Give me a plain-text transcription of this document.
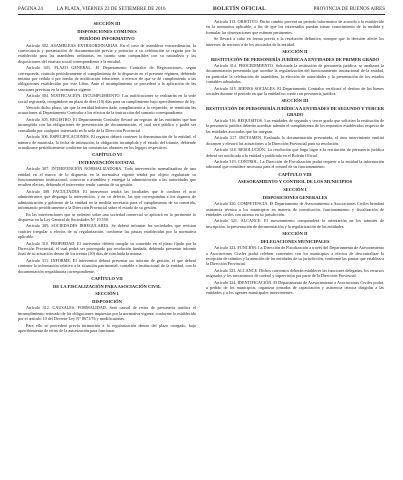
PÁGINA 24	LA PLATA, VIERNES 23 DE SETIEMBRE DE 2016	BOLETÍN OFICIAL	PROVINCIA DE BUENOS AIRES
SECCIÓN III
DISPOSICIONES COMUNES
PERÍODO INFORMATIVO
Artículo 302. ASAMBLEAS EXTRAORDINARIAS. En el caso de asambleas extraordinarias, la convocatoria y presentación de documentación previa y posterior a su celebración se regirán por lo establecido para las asambleas ordinarias, en cuanto sean compatibles con su naturaleza y las disposiciones del estatuto social correspondiente a la entidad.
Artículo 303. PLAZO GENERAL. El Departamento Contralor de Registraciones, según corresponda, controla periódicamente el cumplimiento de lo dispuesto en el presente régimen, debiendo intimar por cédula o por medio de notificación fehaciente, a efectos de que se dé cumplimiento a las obligaciones establecidas por este Libro. Ante el incumplimiento se procederá a la aplicación de las sanciones previstas en la normativa vigente.
Artículo 304. NOTIFICACIÓN. INCUMPLIMIENTO. Las notificaciones se realizarán en la sede social registrada, otorgándose un plazo de diez (10) días para su cumplimiento bajo apercibimiento de ley.
Vencido dicho plazo, sin que la entidad hubiera dado cumplimiento a lo requerido, se remitirán las actuaciones al Departamento Contralor a los efectos de la instrucción del sumario correspondiente.
Artículo 305. REGISTRO. El Departamento Contralor llevará un registro de las entidades que han incumplido con las obligaciones de presentación de documentación, el cual será público y podrá ser consultado por cualquier interesado en la sede de la Dirección Provincial.
Artículo 306. ESPECIFICACIONES. El registro deberá contener la denominación de la entidad, el número de matrícula, la fecha de intimación, la obligación incumplida y el estado del trámite, debiendo actualizarse periódicamente conforme las constancias obrantes en los legajos respectivos.
CAPÍTULO VI
INTERVENCIÓN ESTATAL
Artículo 307. INTERVENCIÓN NORMALIZADORA. Toda intervención normalizadora de una entidad en el marco de lo dispuesto en la normativa vigente tendrá por objeto regularizar su funcionamiento institucional, convocar a asamblea y entregar la administración a las autoridades que resulten electas, debiendo el interventor rendir cuentas de su gestión.
Artículo 308. FACULTADES. El interventor tendrá las facultades que le confiera el acto administrativo que disponga la intervención, y en su defecto, las que correspondan a los órganos de administración y gobierno de la entidad en la medida necesaria para el cumplimiento de su cometido, informando periódicamente a la Dirección Provincial sobre el estado de su gestión.
En las intervenciones que se ordenen sobre una sociedad comercial se aplicará en lo pertinente lo dispuesto en la Ley General de Sociedades N° 19.550.
Artículo 309. SOCIEDADES IRREGULARES. Se deberá informar las sociedades que revistan carácter irregular a efectos de su regularización, conforme las pautas establecidas por la normativa aplicable.
Artículo 310. PROPIEDAD. El interventor deberá cumplir su cometido en el plazo fijado por la Dirección Provincial, el cual podrá ser prorrogado por resolución fundada, debiendo presentar informe final de su actuación dentro de los treinta (30) días de concluida la misma.
Artículo 311. INFORME. El interventor deberá presentar un informe de gestión, el que deberá contener la información relativa a la situación patrimonial, contable e institucional de la entidad, con la documentación respaldatoria correspondiente.
CAPÍTULO VII
DE LA FISCALIZACIÓN PARA ASOCIACIÓN CIVIL
SECCIÓN I
DISPOSICIÓN
Artículo 312. CAUSALES. FORMALIDAD. Será causal de retiro de personería jurídica el incumplimiento reiterado de las obligaciones impuestas por la normativa vigente, conforme lo establecido por el artículo 10 del Decreto-Ley N° 8671/76 y modificatorias.
Para ello se procederá previa intimación a la regularización dentro del plazo otorgado, bajo apercibimiento de retiro de la autorización para funcionar.
Artículo 313. OBJETIVO. Dicho cambio preverá un período informativo de acuerdo a lo establecido en la normativa aplicable, a fin de que los interesados puedan tomar conocimiento de la medida y formular las observaciones que estimen pertinentes.
Se llevará a cabo en forma previa a la resolución definitiva, siempre que la decisión afecte los intereses de terceros o de los asociados de la entidad.
SECCIÓN II
RESTITUCIÓN DE PERSONERÍA JURÍDICA A ENTIDADES DE PRIMER GRADO
Artículo 314. PROCEDIMIENTO. Solicitada la restitución de personería jurídica, se analizará la documentación presentada que acredite la regularización del funcionamiento institucional de la entidad, en particular la celebración de asambleas, la elección de autoridades y la presentación de los estados contables adeudados.
Artículo 315. BIENES SOCIALES. El Departamento Contralor verificará el destino de los bienes sociales durante el período en que la entidad no contó con personería jurídica.
SECCIÓN III
RESTITUCIÓN DE PERSONERÍA JURÍDICA A ENTIDADES DE SEGUNDO Y TERCER GRADO
Artículo 316. REQUISITOS. Las entidades de segundo y tercer grado que soliciten la restitución de la personería jurídica deberán acreditar además el cumplimiento de los requisitos establecidos respecto de las entidades asociadas que las integran.
Artículo 317. DICTAMEN. Evaluada la documentación presentada, el área interviniente emitirá dictamen y elevará las actuaciones a la Dirección Provincial para su resolución.
Artículo 318. RESOLUCIÓN. La resolución que haga lugar a la restitución de personería jurídica deberá ser notificada a la entidad y publicada en el Boletín Oficial.
Artículo 319. CONTROL. La Dirección de Fiscalización podrá requerir a la entidad la información adicional que considere necesaria para el control de su funcionamiento.
CAPÍTULO VIII
ASESORAMIENTO Y CONTROL DE LOS MUNICIPIOS
SECCIÓN I
DISPOSICIONES GENERALES
Artículo 320. COMPETENCIA. El Departamento de Asesoramiento a Asociaciones Civiles brindará asistencia técnica a los municipios en materia de constitución, funcionamiento y fiscalización de entidades civiles con asiento en su jurisdicción.
Artículo 321. ALCANCE. El asesoramiento comprenderá la orientación en los trámites de inscripción, la presentación de documentación y la regularización de las entidades.
SECCIÓN II
DELEGACIONES MUNICIPALES
Artículo 322. FUNCIÓN. La Dirección de Fiscalización a través del Departamento de Asesoramiento a Asociaciones Civiles podrá celebrar convenios con los municipios a efectos de descentralizar la recepción de trámites y la atención de las entidades de su jurisdicción, conforme las pautas que establezca la Dirección Provincial.
Artículo 323. ALCANCE. Dichos convenios deberán establecer las funciones delegadas, los recursos asignados y los mecanismos de control y supervisión por parte de la Dirección Provincial.
Artículo 324. IDENTIFICACIÓN. El Departamento de Asesoramiento a Asociaciones Civiles podrá, a pedido de los municipios, organizar jornadas de capacitación y asistencia técnica dirigidas a las entidades y a los agentes municipales intervinientes.
